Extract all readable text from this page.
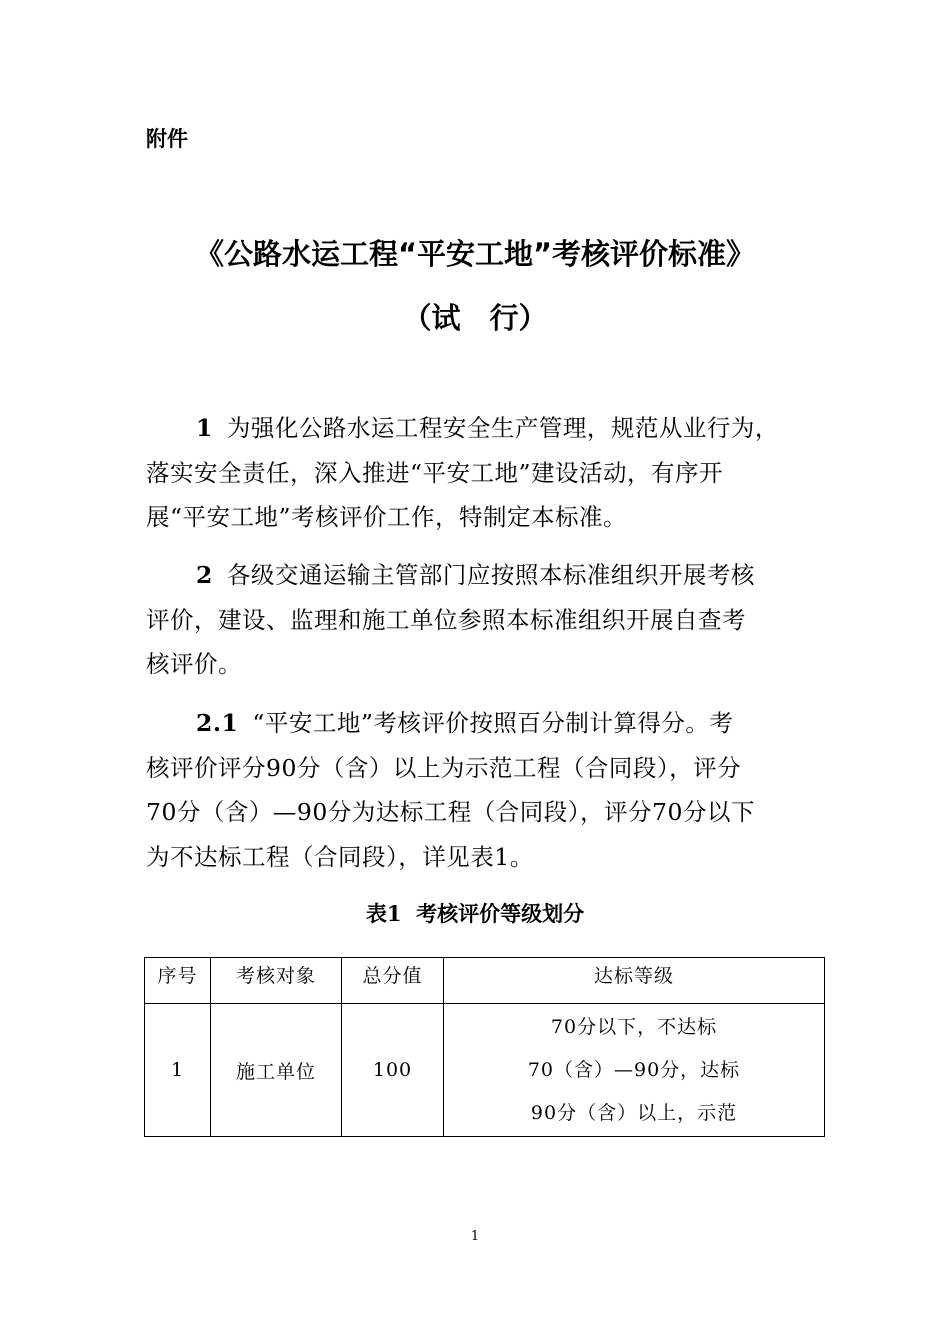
附件
《公路水运工程“平安工地”考核评价标准》
（试　行）
1 为强化公路水运工程安全生产管理，规范从业行为，
落实安全责任，深入推进“平安工地”建设活动，有序开
展“平安工地”考核评价工作，特制定本标准。
2 各级交通运输主管部门应按照本标准组织开展考核
评价，建设、监理和施工单位参照本标准组织开展自查考
核评价。
2.1 “平安工地”考核评价按照百分制计算得分。考
核评价评分90分（含）以上为示范工程（合同段），评分
70分（含）—90分为达标工程（合同段），评分70分以下
为不达标工程（合同段），详见表1。
表1  考核评价等级划分
序号	考核对象	总分值	达标等级
1	施工单位	100	70分以下，不达标
70（含）—90分，达标
90分（含）以上，示范
1
